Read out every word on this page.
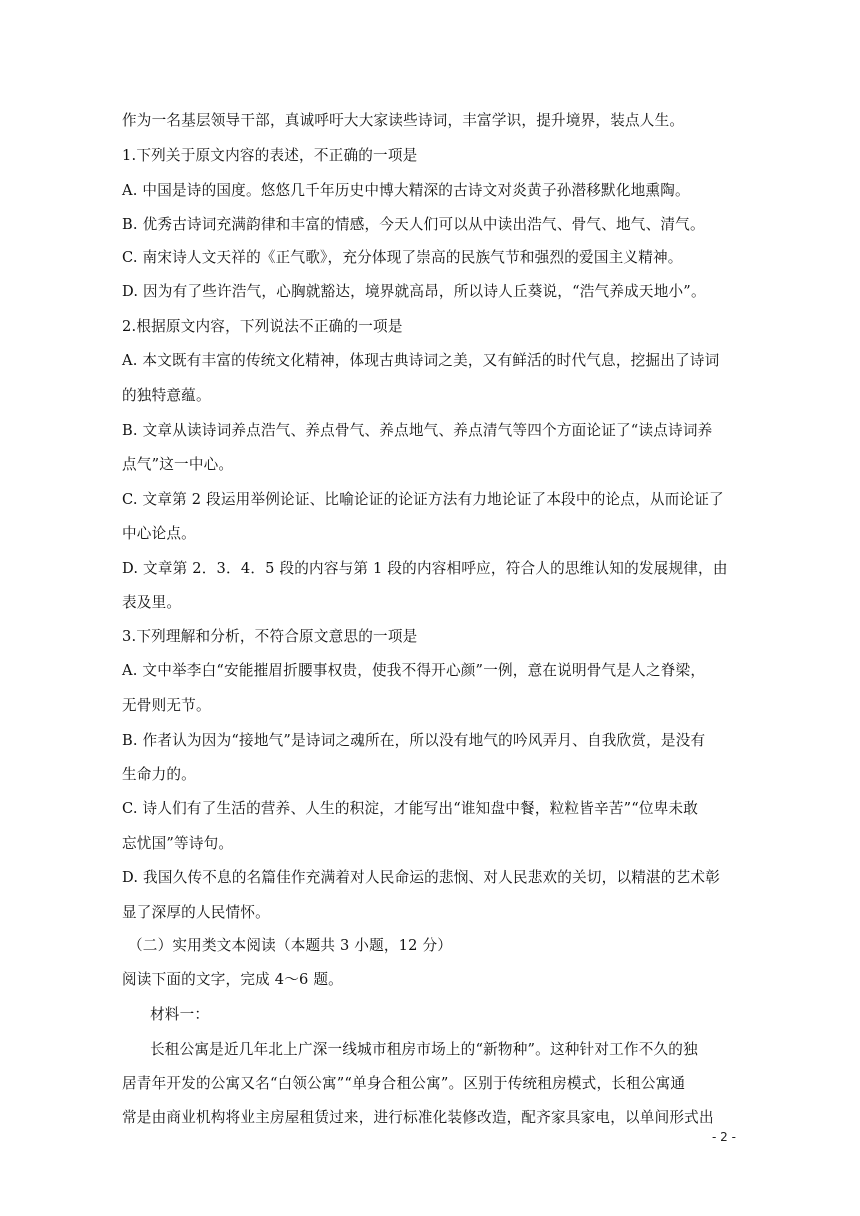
作为一名基层领导干部，真诚呼吁大大家读些诗词，丰富学识，提升境界，装点人生。
1.下列关于原文内容的表述，不正确的一项是
A. 中国是诗的国度。悠悠几千年历史中博大精深的古诗文对炎黄子孙潜移默化地熏陶。
B. 优秀古诗词充满韵律和丰富的情感，今天人们可以从中读出浩气、骨气、地气、清气。
C. 南宋诗人文天祥的《正气歌》，充分体现了崇高的民族气节和强烈的爱国主义精神。
D. 因为有了些许浩气，心胸就豁达，境界就高昂，所以诗人丘葵说，“浩气养成天地小”。
2.根据原文内容，下列说法不正确的一项是
A. 本文既有丰富的传统文化精神，体现古典诗词之美，又有鲜活的时代气息，挖掘出了诗词
的独特意蕴。
B. 文章从读诗词养点浩气、养点骨气、养点地气、养点清气等四个方面论证了“读点诗词养
点气”这一中心。
C. 文章第 2 段运用举例论证、比喻论证的论证方法有力地论证了本段中的论点，从而论证了
中心论点。
D. 文章第 2．3．4．5 段的内容与第 1 段的内容相呼应，符合人的思维认知的发展规律，由
表及里。
3.下列理解和分析，不符合原文意思的一项是
A. 文中举李白“安能摧眉折腰事权贵，使我不得开心颜”一例，意在说明骨气是人之脊梁，
无骨则无节。
B. 作者认为因为“接地气”是诗词之魂所在，所以没有地气的吟风弄月、自我欣赏，是没有
生命力的。
C. 诗人们有了生活的营养、人生的积淀，才能写出“谁知盘中餐，粒粒皆辛苦”“位卑未敢
忘忧国”等诗句。
D. 我国久传不息的名篇佳作充满着对人民命运的悲悯、对人民悲欢的关切，以精湛的艺术彰
显了深厚的人民情怀。
（二）实用类文本阅读（本题共 3 小题，12 分）
阅读下面的文字，完成 4～6 题。
材料一：
长租公寓是近几年北上广深一线城市租房市场上的“新物种”。这种针对工作不久的独
居青年开发的公寓又名“白领公寓”“单身合租公寓”。区别于传统租房模式，长租公寓通
常是由商业机构将业主房屋租赁过来，进行标准化装修改造，配齐家具家电，以单间形式出
- 2 -
